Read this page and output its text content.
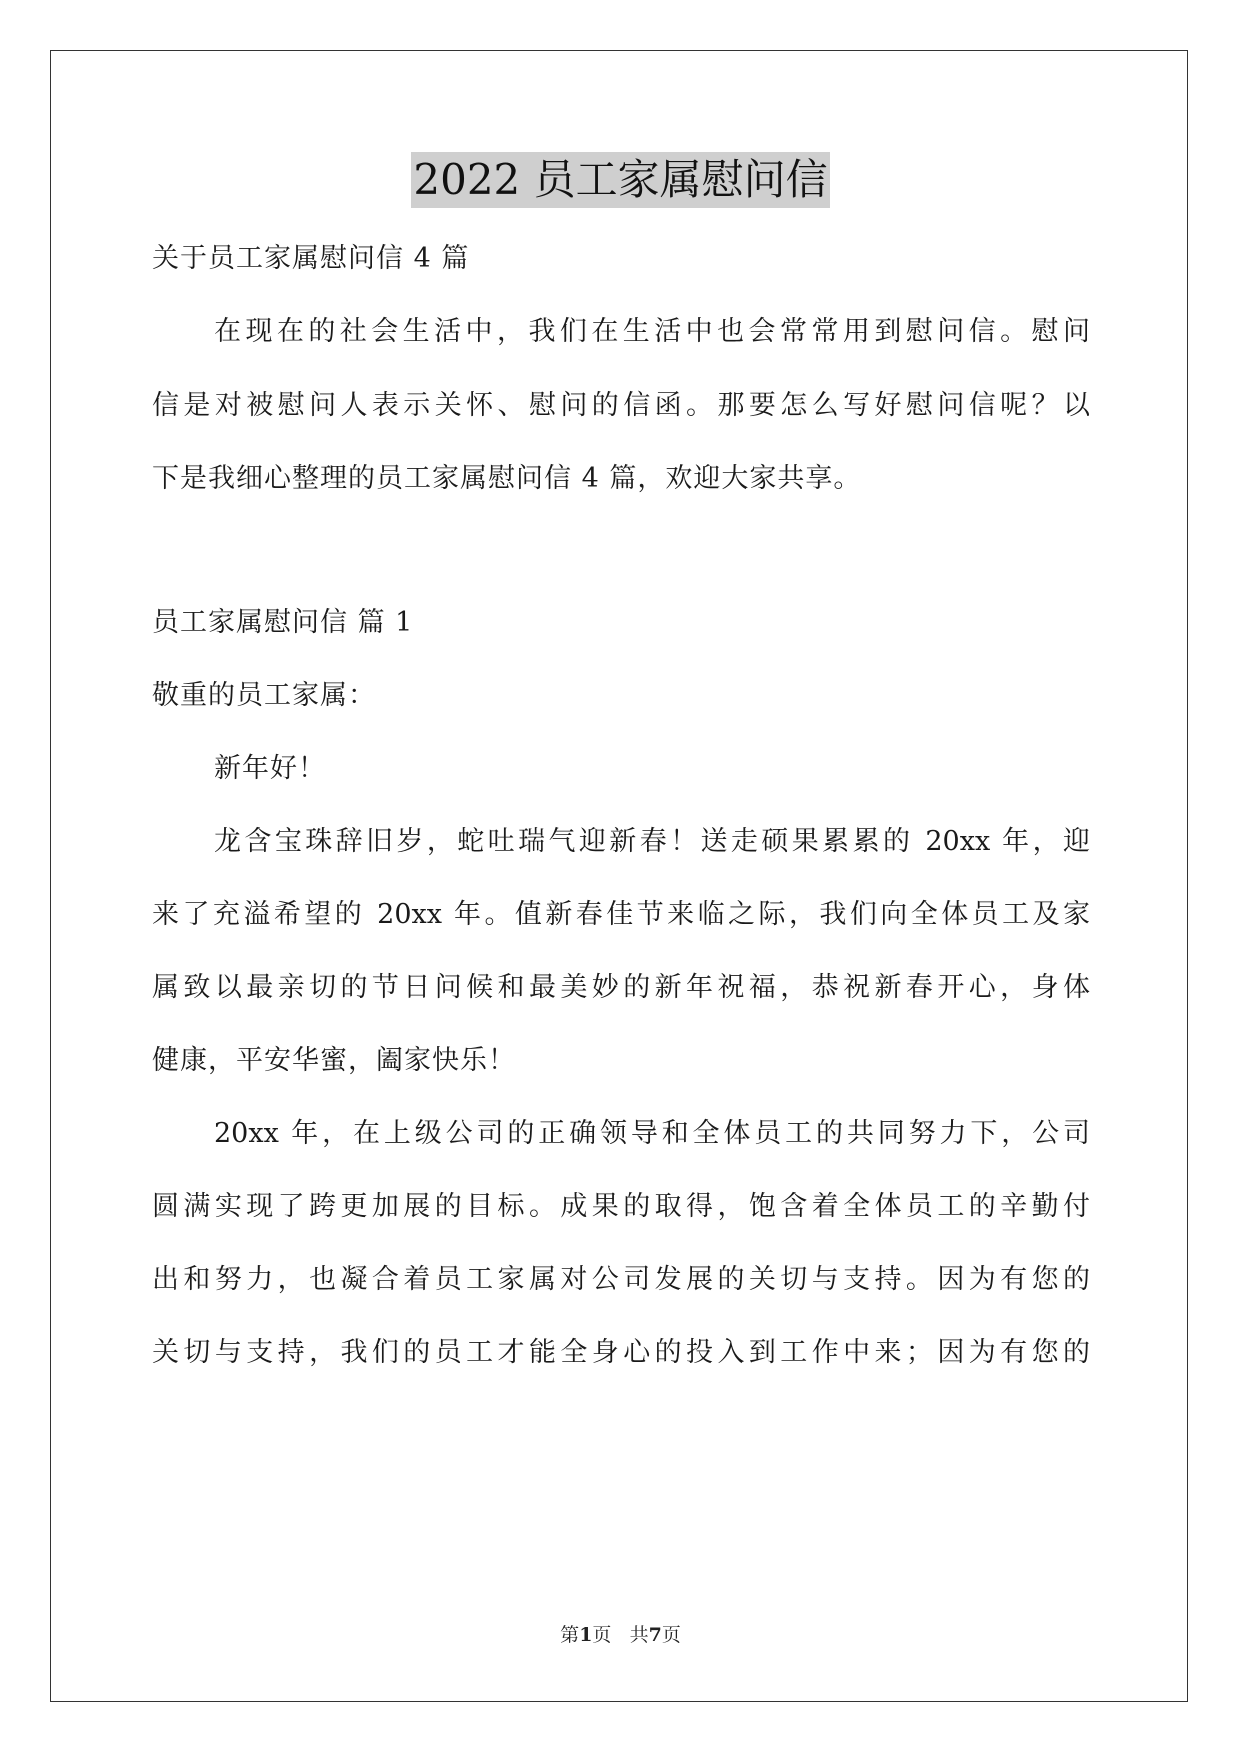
2022 员工家属慰问信
关于员工家属慰问信 4 篇
在现在的社会生活中，我们在生活中也会常常用到慰问信。慰问
信是对被慰问人表示关怀、慰问的信函。那要怎么写好慰问信呢？以
下是我细心整理的员工家属慰问信 4 篇，欢迎大家共享。
员工家属慰问信 篇 1
敬重的员工家属：
新年好！
龙含宝珠辞旧岁，蛇吐瑞气迎新春！送走硕果累累的 20xx 年，迎
来了充溢希望的 20xx 年。值新春佳节来临之际，我们向全体员工及家
属致以最亲切的节日问候和最美妙的新年祝福，恭祝新春开心，身体
健康，平安华蜜，阖家快乐！
20xx 年，在上级公司的正确领导和全体员工的共同努力下，公司
圆满实现了跨更加展的目标。成果的取得，饱含着全体员工的辛勤付
出和努力，也凝合着员工家属对公司发展的关切与支持。因为有您的
关切与支持，我们的员工才能全身心的投入到工作中来；因为有您的
第1页 共7页
